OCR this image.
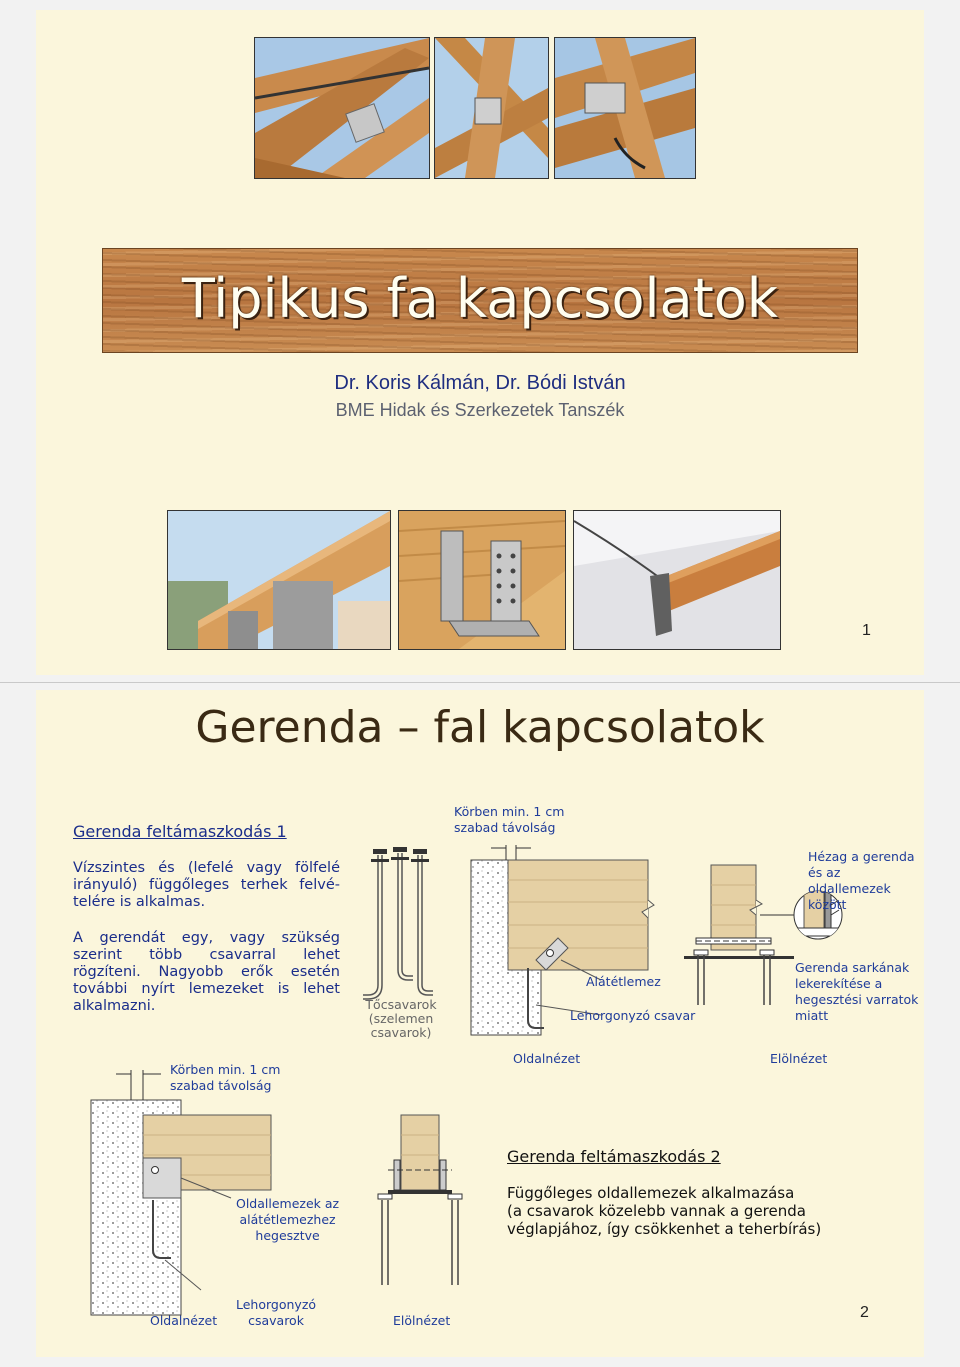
Tipikus fa kapcsolatok
Dr. Koris Kálmán, Dr. Bódi István
BME Hidak és Szerkezetek Tanszék
1
Gerenda – fal kapcsolatok
Gerenda feltámaszkodás 1
Vízszintes és (lefelé vagy fölfelé
irányuló) függőleges terhek felvé-
telére is alkalmas.
A gerendát egy, vagy szükség
szerint több csavarral lehet
rögzíteni. Nagyobb erők esetén
további nyírt lemezeket is lehet
alkalmazni.	Tőcsavarok
(szelemen
csavarok)
Körben min. 1 cm
szabad távolság
Alátétlemez
Lehorgonyzó csavar
Oldalnézet
Hézag a gerenda
és az oldallemezek
között
Gerenda sarkának
lekerekítése a
hegesztési varratok
miatt
Elölnézet
Körben min. 1 cm
szabad távolság
Oldallemezek az
alátétlemezhez
hegesztve
Lehorgonyzó
csavarok
Oldalnézet	Elölnézet
Gerenda feltámaszkodás 2
Függőleges oldallemezek alkalmazása
(a csavarok közelebb vannak a gerenda
véglapjához, így csökkenhet a teherbírás)
2
